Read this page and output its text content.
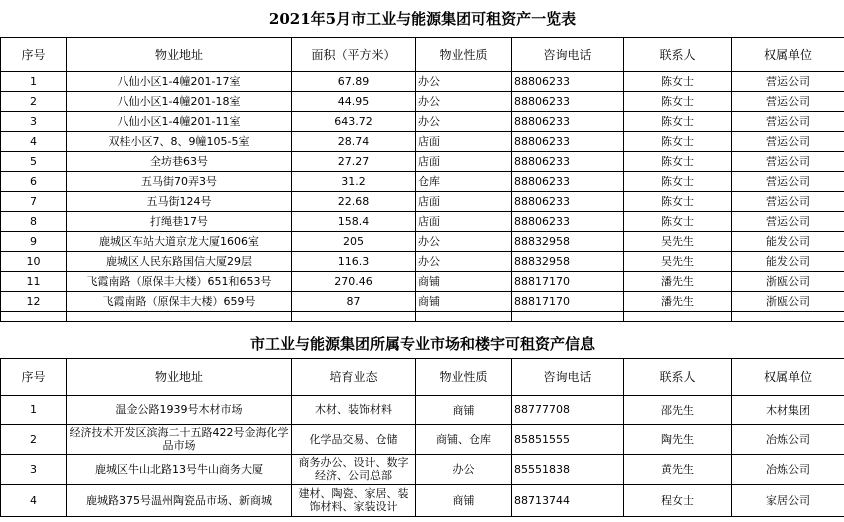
2021年5月市工业与能源集团可租资产一览表						
序号	物业地址	面积（平方米）	物业性质	咨询电话	联系人	权属单位
1	八仙小区1-4幢201-17室	67.89	办公	88806233	陈女士	营运公司
2	八仙小区1-4幢201-18室	44.95	办公	88806233	陈女士	营运公司
3	八仙小区1-4幢201-11室	643.72	办公	88806233	陈女士	营运公司
4	双桂小区7、8、9幢105-5室	28.74	店面	88806233	陈女士	营运公司
5	全坊巷63号	27.27	店面	88806233	陈女士	营运公司
6	五马街70弄3号	31.2	仓库	88806233	陈女士	营运公司
7	五马街124号	22.68	店面	88806233	陈女士	营运公司
8	打绳巷17号	158.4	店面	88806233	陈女士	营运公司
9	鹿城区车站大道京龙大厦1606室	205	办公	88832958	吴先生	能发公司
10	鹿城区人民东路国信大厦29层	116.3	办公	88832958	吴先生	能发公司
11	飞霞南路（原保丰大楼）651和653号	270.46	商铺	88817170	潘先生	浙瓯公司
12	飞霞南路（原保丰大楼）659号	87	商铺	88817170	潘先生	浙瓯公司

市工业与能源集团所属专业市场和楼宇可租资产信息						
序号	物业地址	培育业态	物业性质	咨询电话	联系人	权属单位
1	温金公路1939号木材市场	木材、装饰材料	商铺	88777708	邵先生	木材集团
2	经济技术开发区滨海二十五路422号金海化学品市场	化学品交易、仓储	商铺、仓库	85851555	陶先生	冶炼公司
3	鹿城区牛山北路13号牛山商务大厦	商务办公、设计、数字经济、公司总部	办公	85551838	黄先生	冶炼公司
4	鹿城路375号温州陶瓷品市场、新商城	建材、陶瓷、家居、装饰材料、家装设计	商铺	88713744	程女士	家居公司
